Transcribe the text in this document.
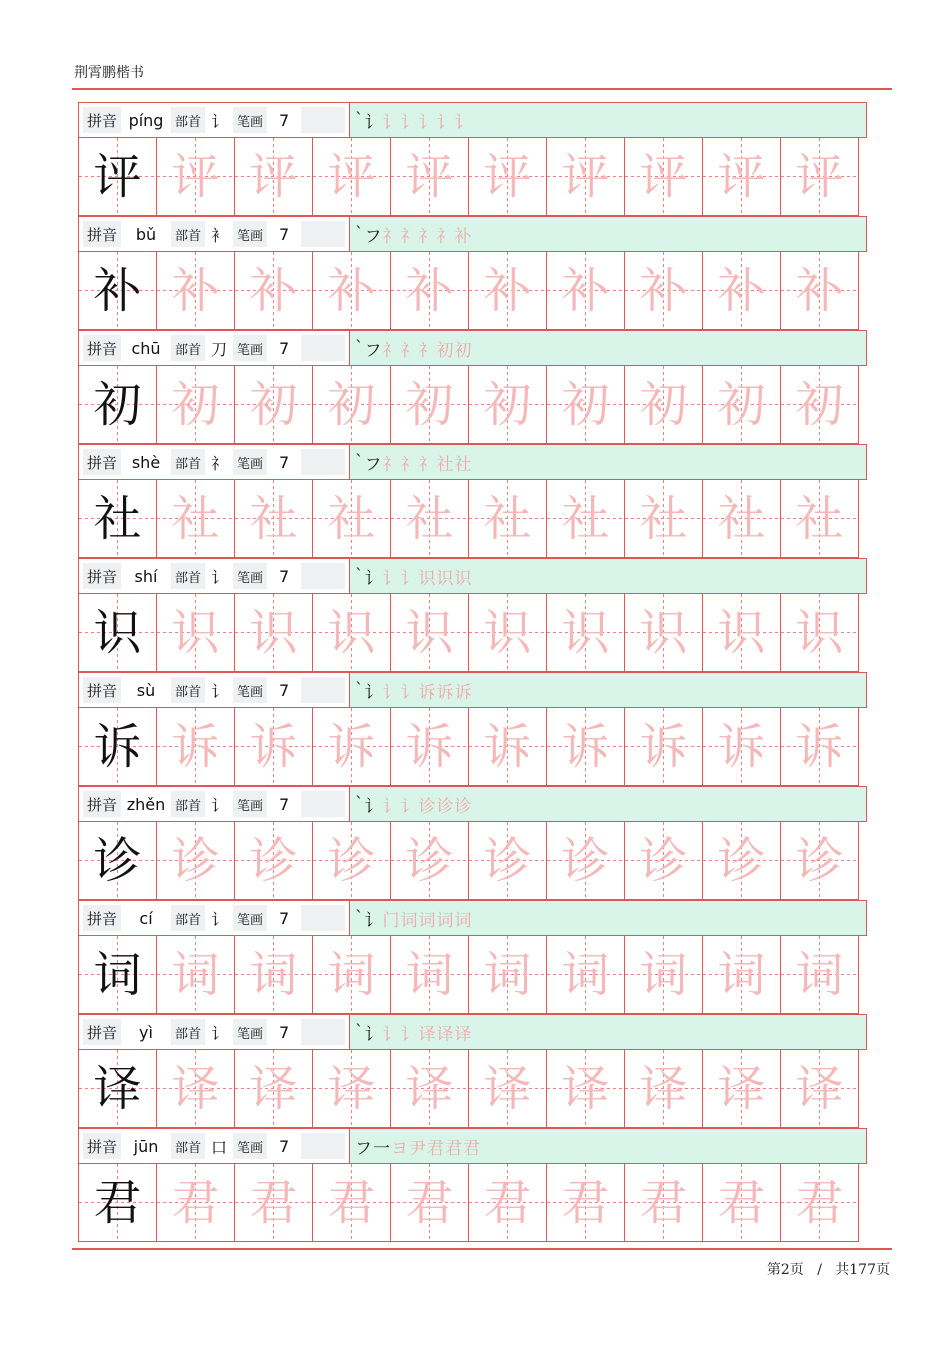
荆霄鹏楷书
拼音 píng 部首 讠 笔画 7	` 讠 讠 讠 讠 讠 讠
评 评 评 评 评 评 评 评 评 评
拼音	bǔ	部首 衤 笔画 7	` フ 礻 礻 礻 礻 补
补 补 补 补 补 补 补 补 补 补
拼音 chū	部首 刀 笔画 7	` フ 礻 礻 礻 初 初
初 初 初 初 初 初 初 初 初 初
拼音 shè	部首 礻 笔画 7	` フ 礻 礻 礻 社 社
社 社 社 社 社 社 社 社 社 社
拼音	shí	部首 讠 笔画 7	` 讠 讠 讠 识 识 识
识 识 识 识 识 识 识 识 识 识
拼音	sù	部首 讠 笔画 7	` 讠 讠 讠 诉 诉 诉
诉 诉 诉 诉 诉 诉 诉 诉 诉 诉
拼音 zhěn 部首 讠 笔画 7	` 讠 讠 讠 诊 诊 诊
诊 诊 诊 诊 诊 诊 诊 诊 诊 诊
拼音	cí	部首 讠 笔画 7	` 讠 门 词 词 词 词
词 词 词 词 词 词 词 词 词 词
拼音	yì	部首 讠 笔画 7	` 讠 讠 讠 译 译 译
译 译 译 译 译 译 译 译 译 译
拼音	jūn	部首 口 笔画 7	フ 一 ヨ 尹 君 君 君
君 君 君 君 君 君 君 君 君 君
第2页 / 共177页
